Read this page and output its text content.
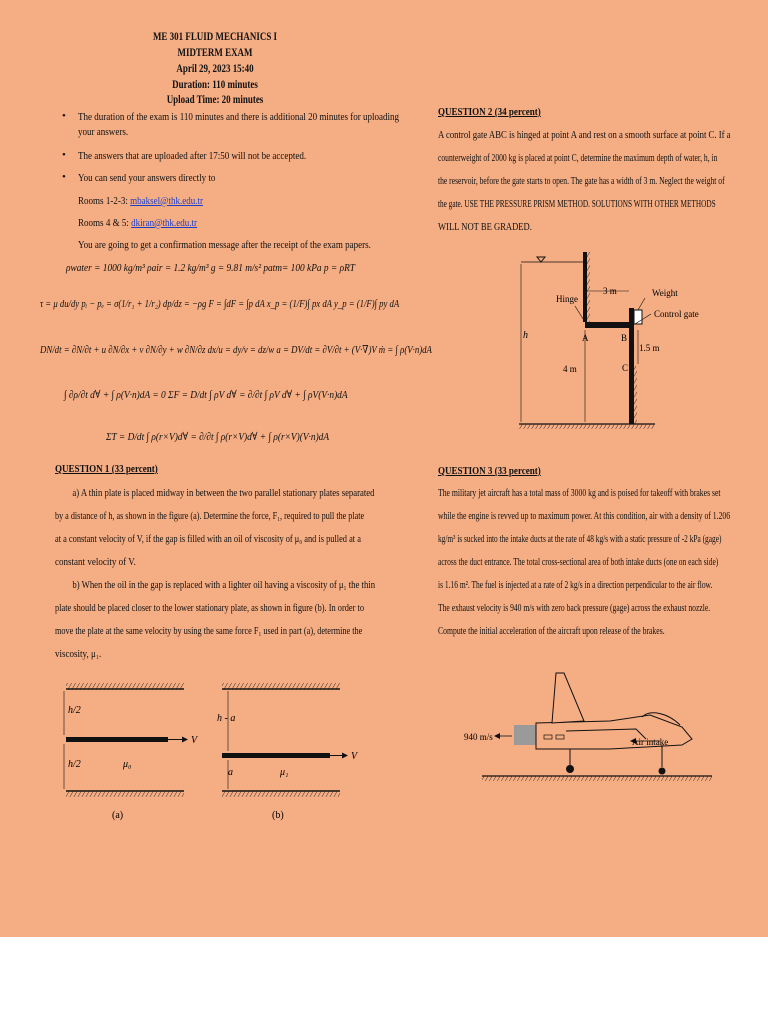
ME 301 FLUID MECHANICS I
MIDTERM EXAM
April 29, 2023 15:40
Duration: 110 minutes
Upload Time: 20 minutes
• The duration of the exam is 110 minutes and there is additional 20 minutes for uploading
your answers.
• The answers that are uploaded after 17:50 will not be accepted.
• You can send your answers directly to
Rooms 1-2-3: mbaksel@thk.edu.tr
Rooms 4 & 5: dkiran@thk.edu.tr
You are going to get a confirmation message after the receipt of the exam papers.
ρwater = 1000 kg/m³ ρair = 1.2 kg/m³ g = 9.81 m/s² patm= 100 kPa p = ρRT
τ = μ du/dy pᵢ − pₑ = σ(1/r₁ + 1/r₂) dp/dz = −ρg F = ∫dF = ∫p dA x_p = (1/F)∫ px dA y_p = (1/F)∫ py dA
DN/dt = ∂N/∂t + u ∂N/∂x + v ∂N/∂y + w ∂N/∂z dx/u = dy/v = dz/w a = DV/dt = ∂V/∂t + (V·∇)V ṁ = ∫ ρ(V·n)dA
∫ ∂ρ/∂t d∀ + ∫ ρ(V·n)dA = 0 ΣF = D/dt ∫ ρV d∀ = ∂/∂t ∫ ρV d∀ + ∫ ρV(V·n)dA
ΣT = D/dt ∫ ρ(r×V)d∀ = ∂/∂t ∫ ρ(r×V)d∀ + ∫ ρ(r×V)(V·n)dA
QUESTION 1 (33 percent)
a) A thin plate is placed midway in between the two parallel stationary plates separated
by a distance of h, as shown in the figure (a). Determine the force, F₁, required to pull the plate
at a constant velocity of V, if the gap is filled with an oil of viscosity of μ₀ and is pulled at a
constant velocity of V.
b) When the oil in the gap is replaced with a lighter oil having a viscosity of μ₁ the thin
plate should be placed closer to the lower stationary plate, as shown in figure (b). In order to
move the plate at the same velocity by using the same force F₁ used in part (a), determine the
viscosity, μ₁.
h/2
h/2
V
μ₀
(a)
h - a
a
V
μ₁
(b)
QUESTION 2 (34 percent)
A control gate ABC is hinged at point A and rest on a smooth surface at point C. If a
counterweight of 2000 kg is placed at point C, determine the maximum depth of water, h, in
the reservoir, before the gate starts to open. The gate has a width of 3 m. Neglect the weight of
the gate. USE THE PRESSURE PRISM METHOD. SOLUTIONS WITH OTHER METHODS
WILL NOT BE GRADED.
3 m	Weight
Hinge
Control gate
A	B
C
1.5 m
4 m
h
QUESTION 3 (33 percent)
The military jet aircraft has a total mass of 3000 kg and is poised for takeoff with brakes set
while the engine is revved up to maximum power. At this condition, air with a density of 1.206
kg/m³ is sucked into the intake ducts at the rate of 48 kg/s with a static pressure of -2 kPa (gage)
across the duct entrance. The total cross-sectional area of both intake ducts (one on each side)
is 1.16 m². The fuel is injected at a rate of 2 kg/s in a direction perpendicular to the air flow.
The exhaust velocity is 940 m/s with zero back pressure (gage) across the exhaust nozzle.
Compute the initial acceleration of the aircraft upon release of the brakes.
940 m/s	Air intake
